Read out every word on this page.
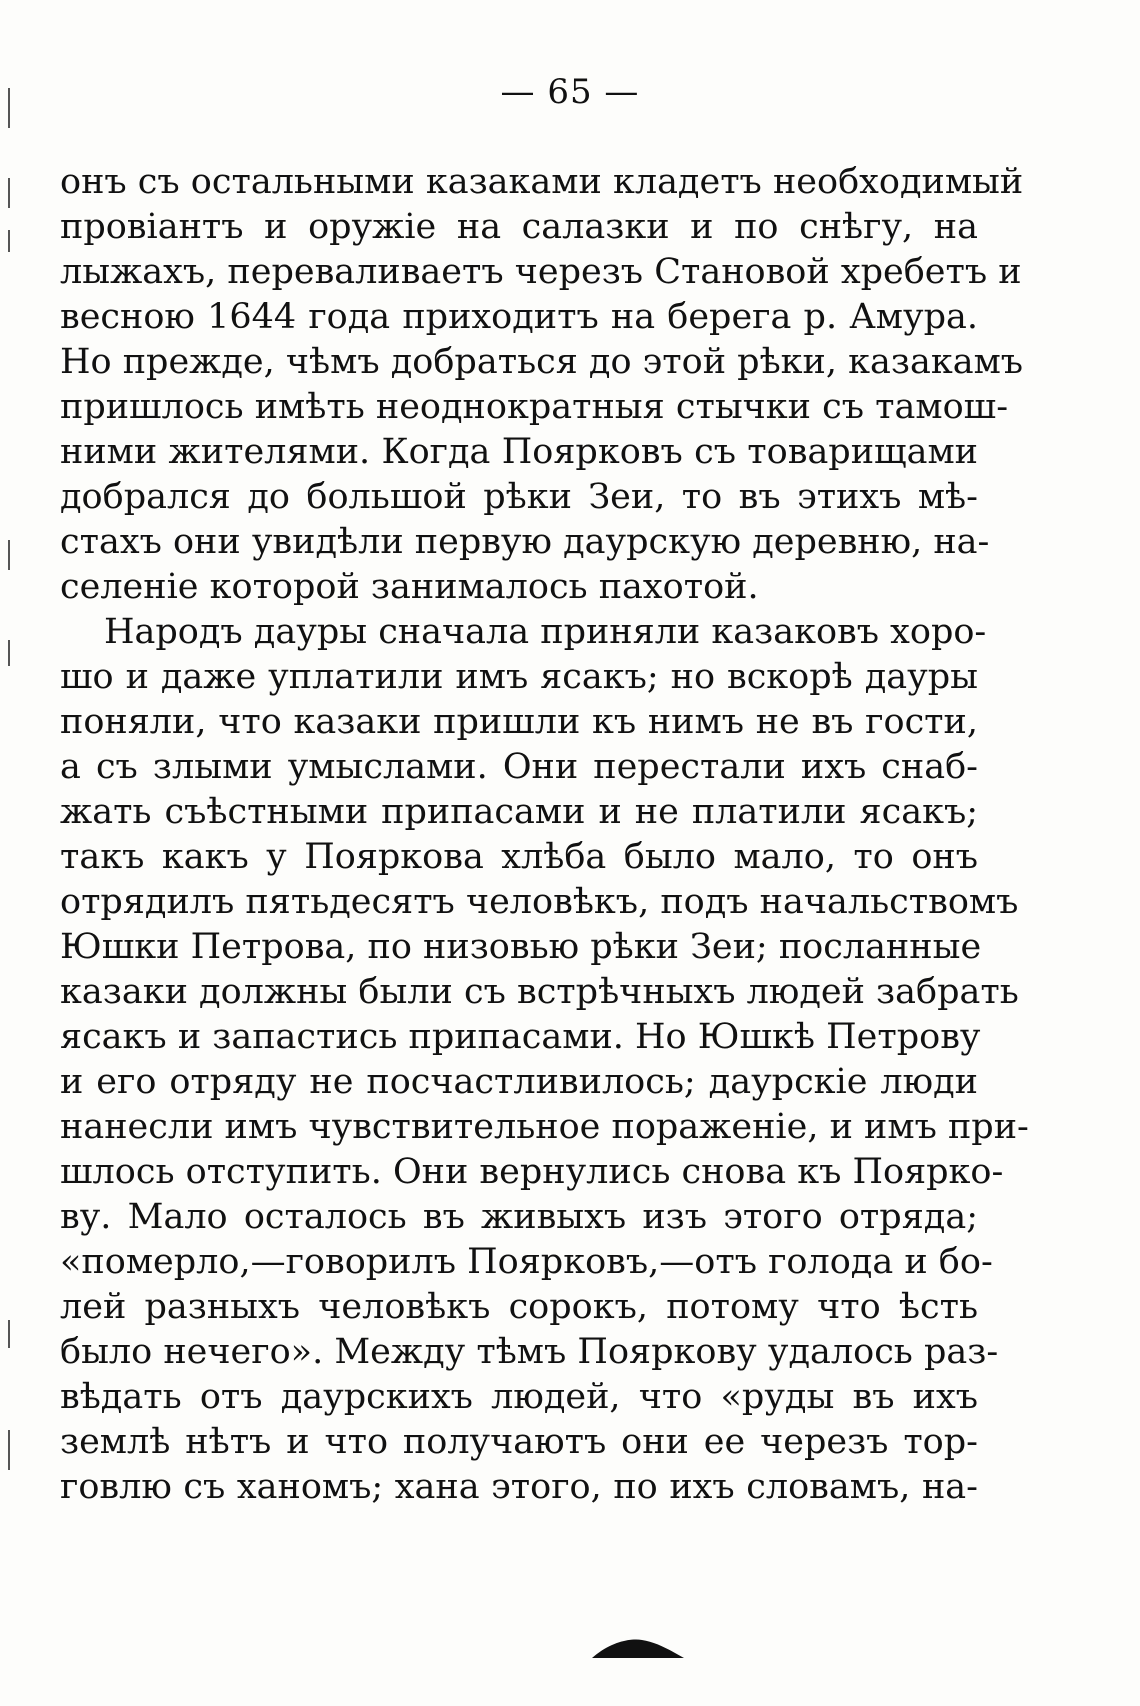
— 65 —
онъ съ остальными казаками кладетъ необходимый
провіантъ и оружіе на салазки и по снѣгу, на
лыжахъ, переваливаетъ черезъ Становой хребетъ и
весною 1644 года приходитъ на берега р. Амура.
Но прежде, чѣмъ добраться до этой рѣки, казакамъ
пришлось имѣть неоднократныя стычки съ тамош-
ними жителями. Когда Поярковъ съ товарищами
добрался до большой рѣки Зеи, то въ этихъ мѣ-
стахъ они увидѣли первую даурскую деревню, на-
селеніе которой занималось пахотой.
Народъ дауры сначала приняли казаковъ хоро-
шо и даже уплатили имъ ясакъ; но вскорѣ дауры
поняли, что казаки пришли къ нимъ не въ гости,
а съ злыми умыслами. Они перестали ихъ снаб-
жать съѣстными припасами и не платили ясакъ;
такъ какъ у Пояркова хлѣба было мало, то онъ
отрядилъ пятьдесятъ человѣкъ, подъ начальствомъ
Юшки Петрова, по низовью рѣки Зеи; посланные
казаки должны были съ встрѣчныхъ людей забрать
ясакъ и запастись припасами. Но Юшкѣ Петрову
и его отряду не посчастливилось; даурскіе люди
нанесли имъ чувствительное пораженіе, и имъ при-
шлось отступить. Они вернулись снова къ Пояркo-
ву. Мало осталось въ живыхъ изъ этого отряда;
«померло,—говорилъ Поярковъ,—отъ голода и бо-
лей разныхъ человѣкъ сорокъ, потому что ѣсть
было нечего». Между тѣмъ Пояркову удалось раз-
вѣдать отъ даурскихъ людей, что «руды въ ихъ
землѣ нѣтъ и что получаютъ они ее черезъ тор-
говлю съ ханомъ; хана этого, по ихъ словамъ, на-
